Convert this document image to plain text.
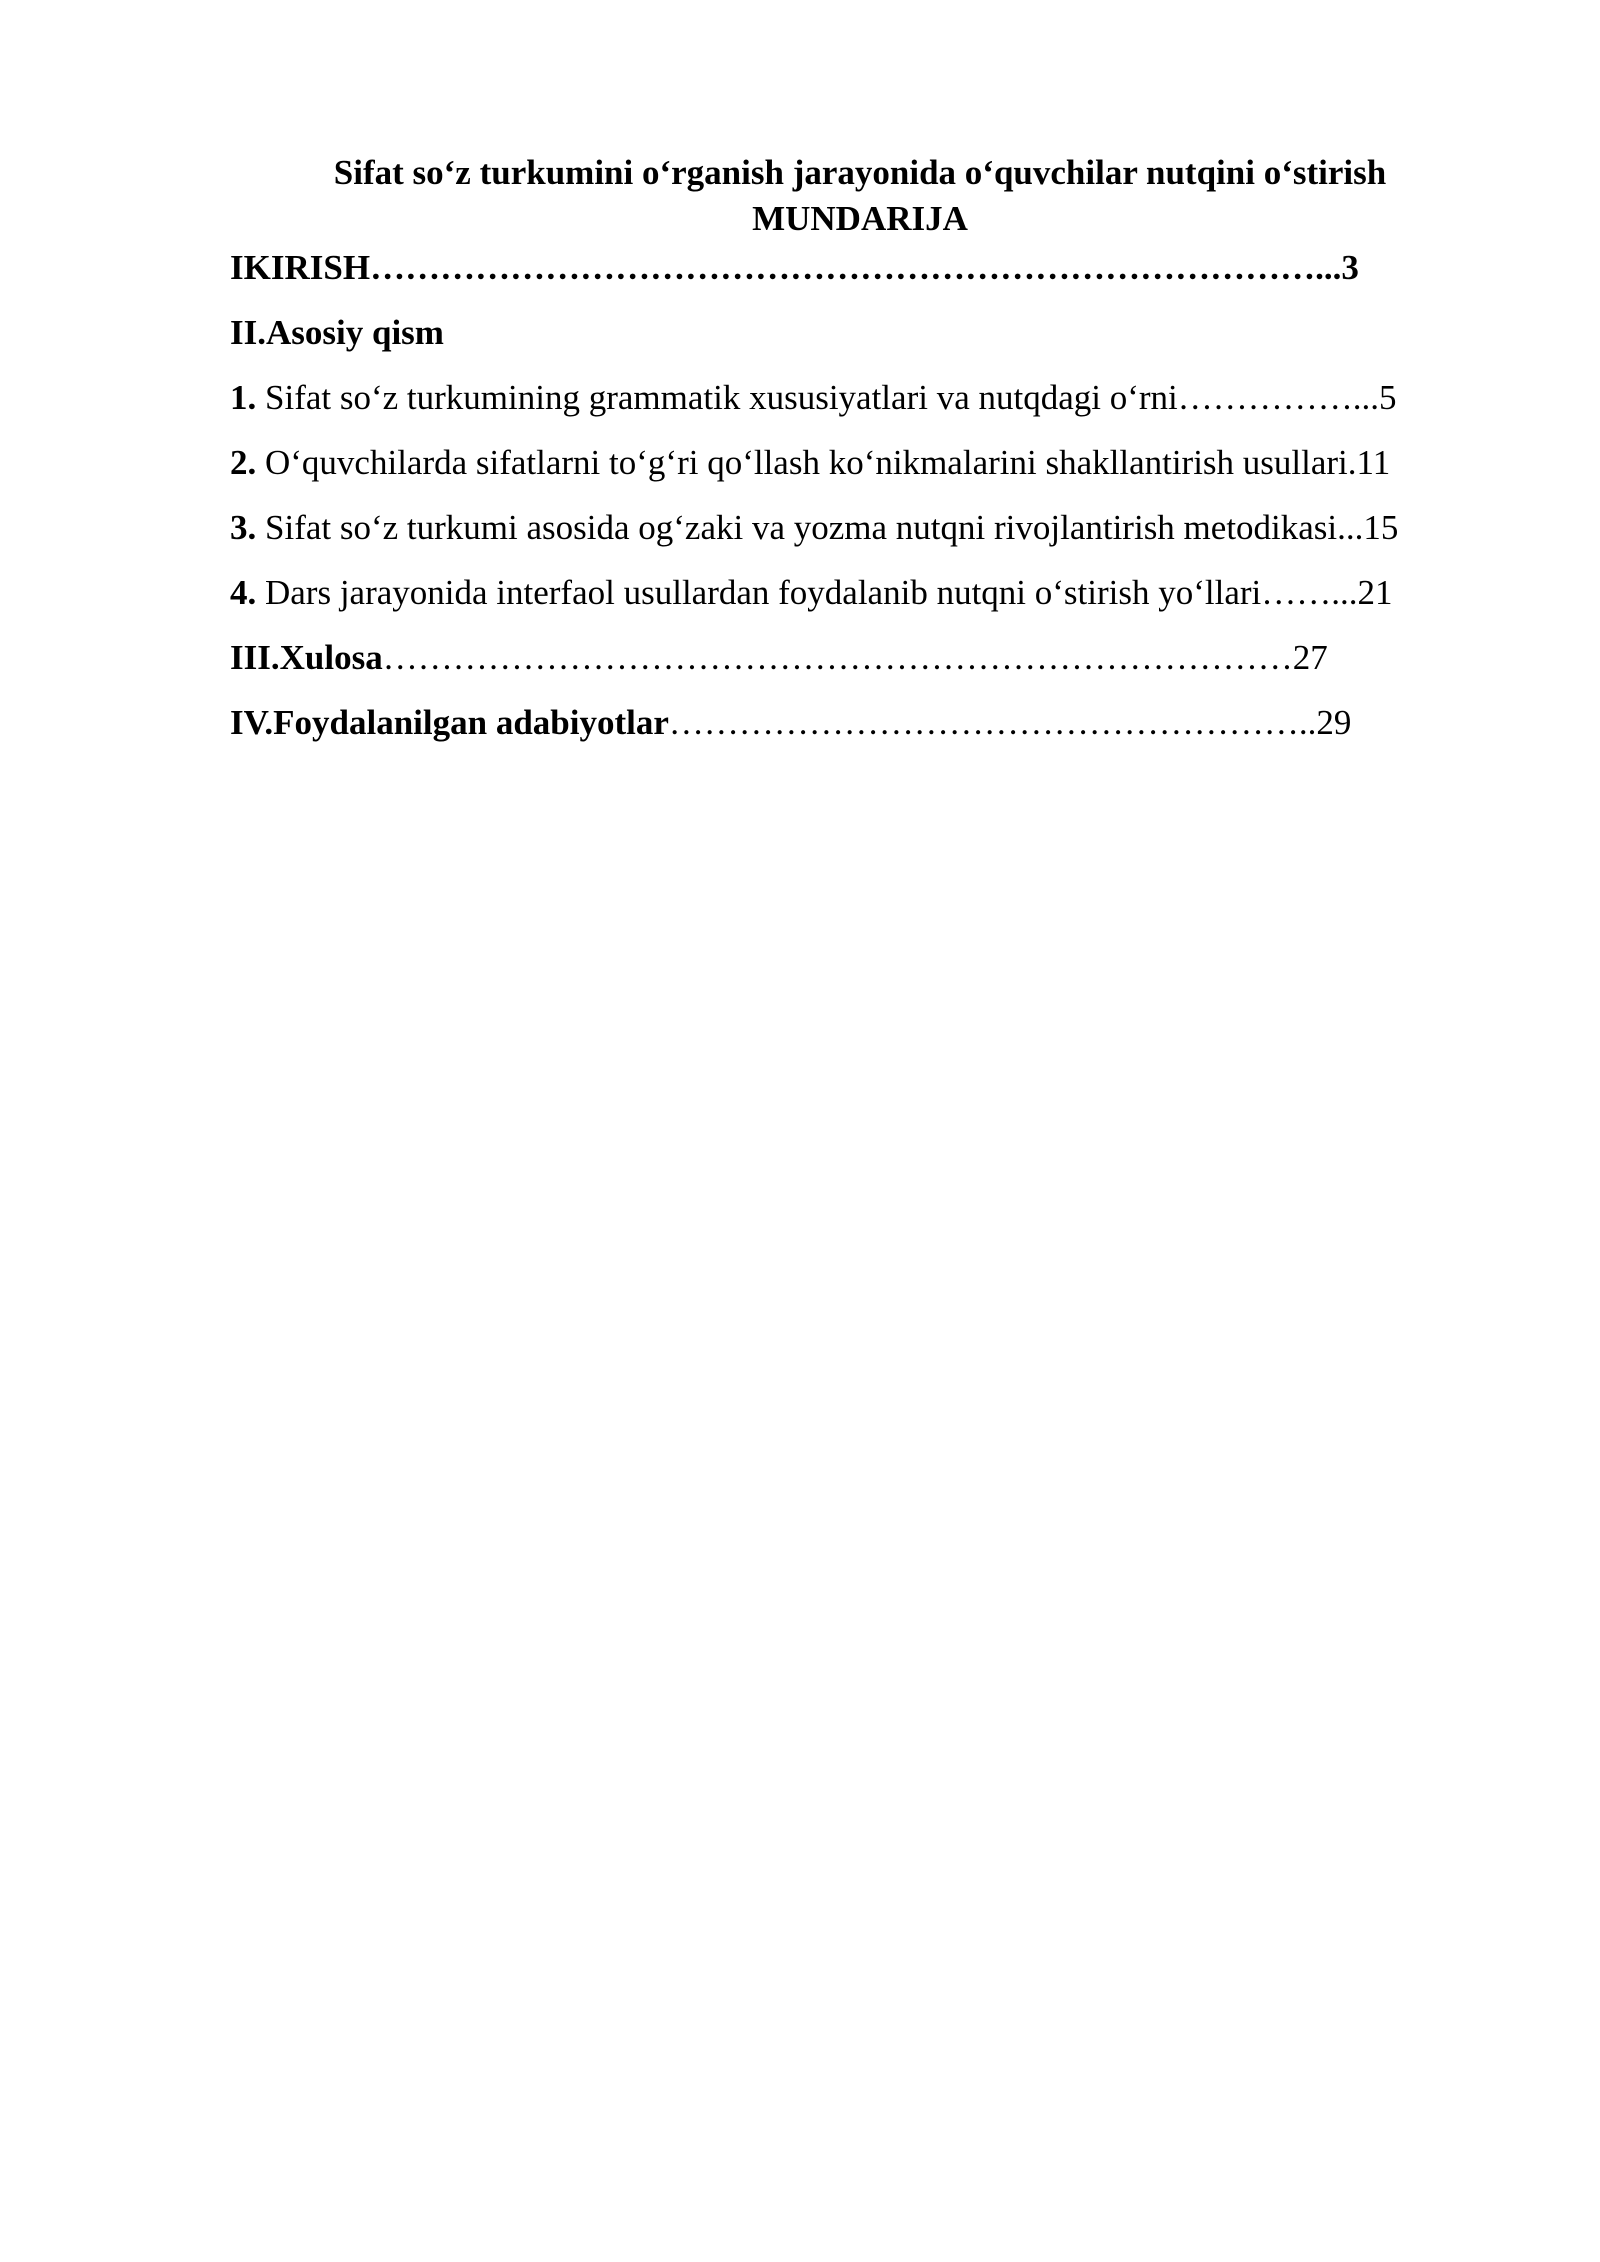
Sifat so‘z turkumini o‘rganish jarayonida o‘quvchilar nutqini o‘stirish
MUNDARIJA
IKIRISH………………………………………………………………………...3
II.Asosiy qism
1. Sifat so‘z turkumining grammatik xususiyatlari va nutqdagi o‘rni……………...5
2. O‘quvchilarda sifatlarni to‘g‘ri qo‘llash ko‘nikmalarini shakllantirish usullari.11
3. Sifat so‘z turkumi asosida og‘zaki va yozma nutqni rivojlantirish metodikasi...15
4. Dars jarayonida interfaol usullardan foydalanib nutqni o‘stirish yo‘llari……...21
III.Xulosa……………………………………………………………………27
IV.Foydalanilgan adabiyotlar………………………………………………..29
